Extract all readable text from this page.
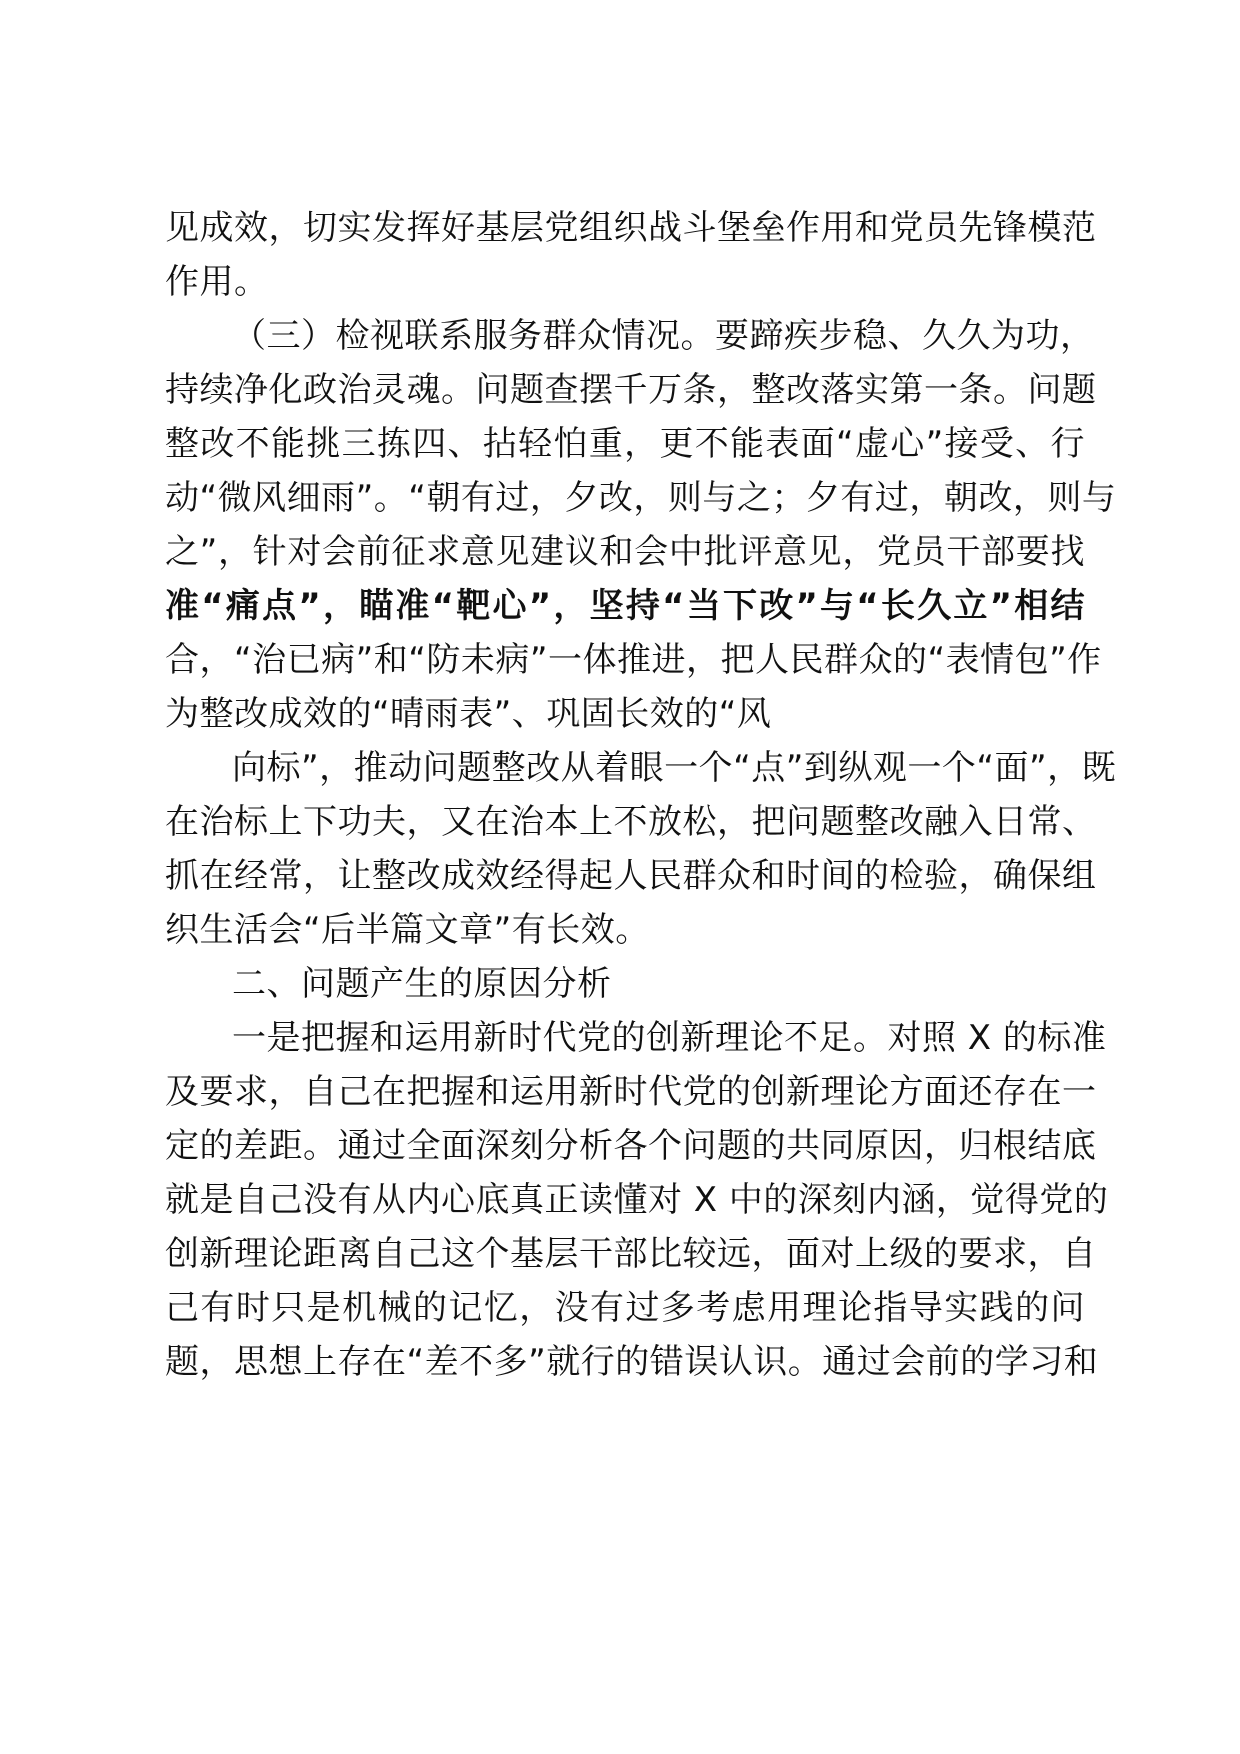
见成效，切实发挥好基层党组织战斗堡垒作用和党员先锋模范
作用。
（三）检视联系服务群众情况。要蹄疾步稳、久久为功，
持续净化政治灵魂。问题查摆千万条，整改落实第一条。问题
整改不能挑三拣四、拈轻怕重，更不能表面“虚心”接受、行
动“微风细雨”。“朝有过，夕改，则与之；夕有过，朝改，则与
之”，针对会前征求意见建议和会中批评意见，党员干部要找
准“痛点”，瞄准“靶心”，坚持“当下改”与“长久立”相结
合，“治已病”和“防未病”一体推进，把人民群众的“表情包”作
为整改成效的“晴雨表”、巩固长效的“风
向标”，推动问题整改从着眼一个“点”到纵观一个“面”，既
在治标上下功夫，又在治本上不放松，把问题整改融入日常、
抓在经常，让整改成效经得起人民群众和时间的检验，确保组
织生活会“后半篇文章”有长效。
二、问题产生的原因分析
一是把握和运用新时代党的创新理论不足。对照 X 的标准
及要求，自己在把握和运用新时代党的创新理论方面还存在一
定的差距。通过全面深刻分析各个问题的共同原因，归根结底
就是自己没有从内心底真正读懂对 X 中的深刻内涵，觉得党的
创新理论距离自己这个基层干部比较远，面对上级的要求，自
己有时只是机械的记忆，没有过多考虑用理论指导实践的问
题，思想上存在“差不多”就行的错误认识。通过会前的学习和
